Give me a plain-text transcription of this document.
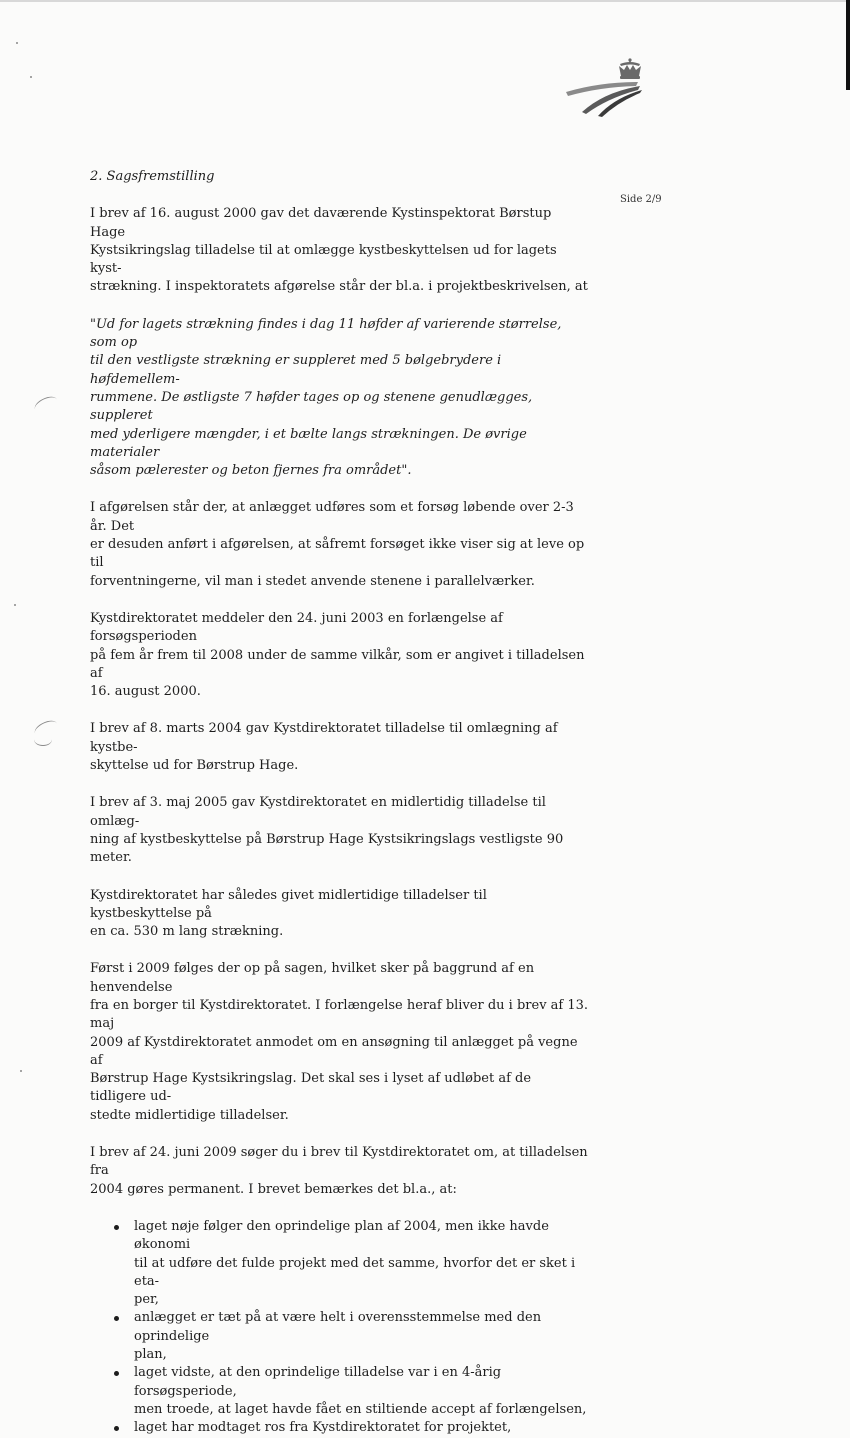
Side 2/9

2. Sagsfremstilling

I brev af 16. august 2000 gav det daværende Kystinspektorat Børstup Hage
Kystsikringslag tilladelse til at omlægge kystbeskyttelsen ud for lagets kyst-
strækning. I inspektoratets afgørelse står der bl.a. i projektbeskrivelsen, at

"Ud for lagets strækning findes i dag 11 høfder af varierende størrelse, som op
til den vestligste strækning er suppleret med 5 bølgebrydere i høfdemellem-
rummene. De østligste 7 høfder tages op og stenene genudlægges, suppleret
med yderligere mængder, i et bælte langs strækningen. De øvrige materialer
såsom pælerester og beton fjernes fra området".

I afgørelsen står der, at anlægget udføres som et forsøg løbende over 2-3 år. Det
er desuden anført i afgørelsen, at såfremt forsøget ikke viser sig at leve op til
forventningerne, vil man i stedet anvende stenene i parallelværker.

Kystdirektoratet meddeler den 24. juni 2003 en forlængelse af forsøgsperioden
på fem år frem til 2008 under de samme vilkår, som er angivet i tilladelsen af
16. august 2000.

I brev af 8. marts 2004 gav Kystdirektoratet tilladelse til omlægning af kystbe-
skyttelse ud for Børstrup Hage.

I brev af 3. maj 2005 gav Kystdirektoratet en midlertidig tilladelse til omlæg-
ning af kystbeskyttelse på Børstrup Hage Kystsikringslags vestligste 90 meter.

Kystdirektoratet har således givet midlertidige tilladelser til kystbeskyttelse på
en ca. 530 m lang strækning.

Først i 2009 følges der op på sagen, hvilket sker på baggrund af en henvendelse
fra en borger til Kystdirektoratet. I forlængelse heraf bliver du i brev af 13. maj
2009 af Kystdirektoratet anmodet om en ansøgning til anlægget på vegne af
Børstrup Hage Kystsikringslag. Det skal ses i lyset af udløbet af de tidligere ud-
stedte midlertidige tilladelser.

I brev af 24. juni 2009 søger du i brev til Kystdirektoratet om, at tilladelsen fra
2004 gøres permanent. I brevet bemærkes det bl.a., at:

laget nøje følger den oprindelige plan af 2004, men ikke havde økonomi
til at udføre det fulde projekt med det samme, hvorfor det er sket i eta-
per,
anlægget er tæt på at være helt i overensstemmelse med den oprindelige
plan,
laget vidste, at den oprindelige tilladelse var i en 4-årig forsøgsperiode,
men troede, at laget havde fået en stiltiende accept af forlængelsen,
laget har modtaget ros fra Kystdirektoratet for projektet,
